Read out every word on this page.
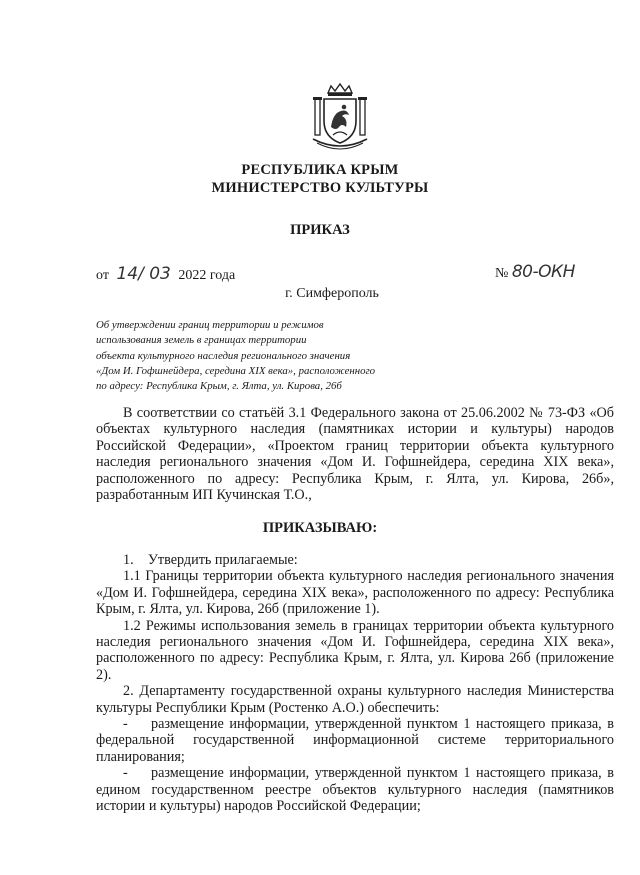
РЕСПУБЛИКА КРЫМ
МИНИСТЕРСТВО КУЛЬТУРЫ
ПРИКАЗ
от 14/ 03 2022 года	№ 80-ОКН
г. Симферополь
Об утверждении границ территории и режимов
использования земель в границах территории
объекта культурного наследия регионального значения
«Дом И. Гофшнейдера, середина XIX века», расположенного
по адресу: Республика Крым, г. Ялта, ул. Кирова, 26б
В соответствии со статьёй 3.1 Федерального закона от 25.06.2002 № 73-ФЗ «Об объектах культурного наследия (памятниках истории и культуры) народов Российской Федерации», «Проектом границ территории объекта культурного наследия регионального значения «Дом И. Гофшнейдера, середина XIX века», расположенного по адресу: Республика Крым, г. Ялта, ул. Кирова, 26б», разработанным ИП Кучинская Т.О.,
ПРИКАЗЫВАЮ:

1.    Утвердить прилагаемые:

1.1 Границы территории объекта культурного наследия регионального значения «Дом И. Гофшнейдера, середина XIX века», расположенного по адресу: Республика Крым, г. Ялта, ул. Кирова, 26б (приложение 1).

1.2 Режимы использования земель в границах территории объекта культурного наследия регионального значения «Дом И. Гофшнейдера, середина XIX века», расположенного по адресу: Республика Крым, г. Ялта, ул. Кирова 26б (приложение 2).

2. Департаменту государственной охраны культурного наследия Министерства культуры Республики Крым (Ростенко А.О.) обеспечить:

- размещение информации, утвержденной пунктом 1 настоящего приказа, в федеральной государственной информационной системе территориального планирования;

- размещение информации, утвержденной пунктом 1 настоящего приказа, в едином государственном реестре объектов культурного наследия (памятников истории и культуры) народов Российской Федерации;
